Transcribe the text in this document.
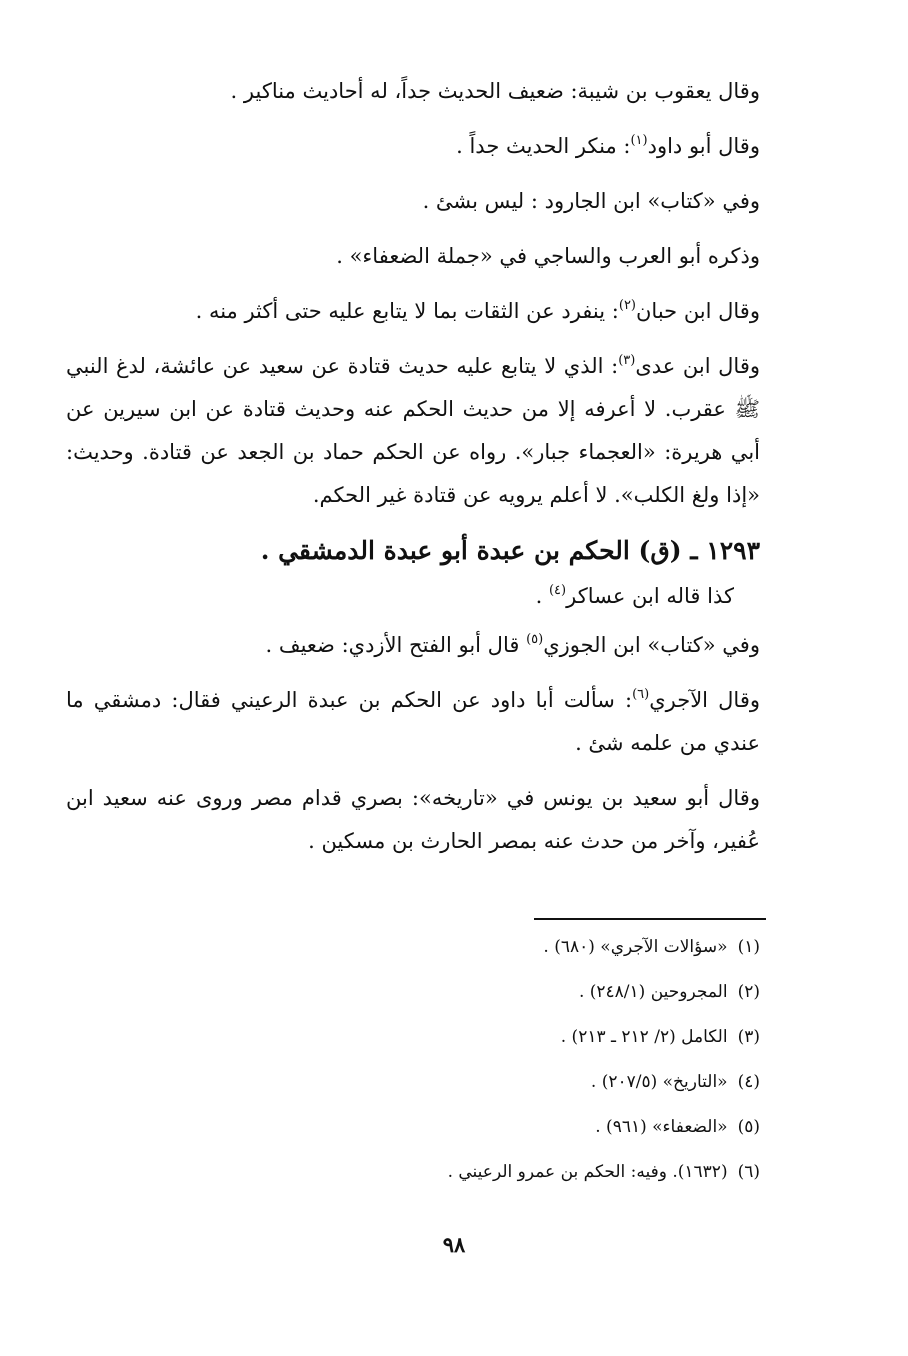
وقال يعقوب بن شيبة: ضعيف الحديث جداً، له أحاديث مناكير .

وقال أبو داود$^{(١)}$: منكر الحديث جداً .

وفي «كتاب» ابن الجارود : ليس بشئ .

وذكره أبو العرب والساجي في «جملة الضعفاء» .

وقال ابن حبان$^{(٢)}$: ينفرد عن الثقات بما لا يتابع عليه حتى أكثر منه .

وقال ابن عدى$^{(٣)}$: الذي لا يتابع عليه حديث قتادة عن سعيد عن عائشة، لدغ النبي ﷺ عقرب. لا أعرفه إلا من حديث الحكم عنه وحديث قتادة عن ابن سيرين عن أبي هريرة: «العجماء جبار». رواه عن الحكم حماد بن الجعد عن قتادة. وحديث: «إذا ولغ الكلب». لا أعلم يرويه عن قتادة غير الحكم.

١٢٩٣ ـ (ق) الحكم بن عبدة أبو عبدة الدمشقي .

كذا قاله ابن عساكر$^{(٤)}$ .

وفي «كتاب» ابن الجوزي$^{(٥)}$ قال أبو الفتح الأزدي: ضعيف .

وقال الآجري$^{(٦)}$: سألت أبا داود عن الحكم بن عبدة الرعيني فقال: دمشقي ما عندي من علمه شئ .

وقال أبو سعيد بن يونس في «تاريخه»: بصري قدام مصر وروى عنه سعيد ابن عُفير، وآخر من حدث عنه بمصر الحارث بن مسكين .

(١)«سؤالات الآجري» (٦٨٠) .
(٢)المجروحين (٢٤٨/١) .
(٣)الكامل (٢/ ٢١٢ ـ ٢١٣) .
(٤)«التاريخ» (٢٠٧/٥) .
(٥)«الضعفاء» (٩٦١) .
(٦)(١٦٣٢). وفيه: الحكم بن عمرو الرعيني .
٩٨
